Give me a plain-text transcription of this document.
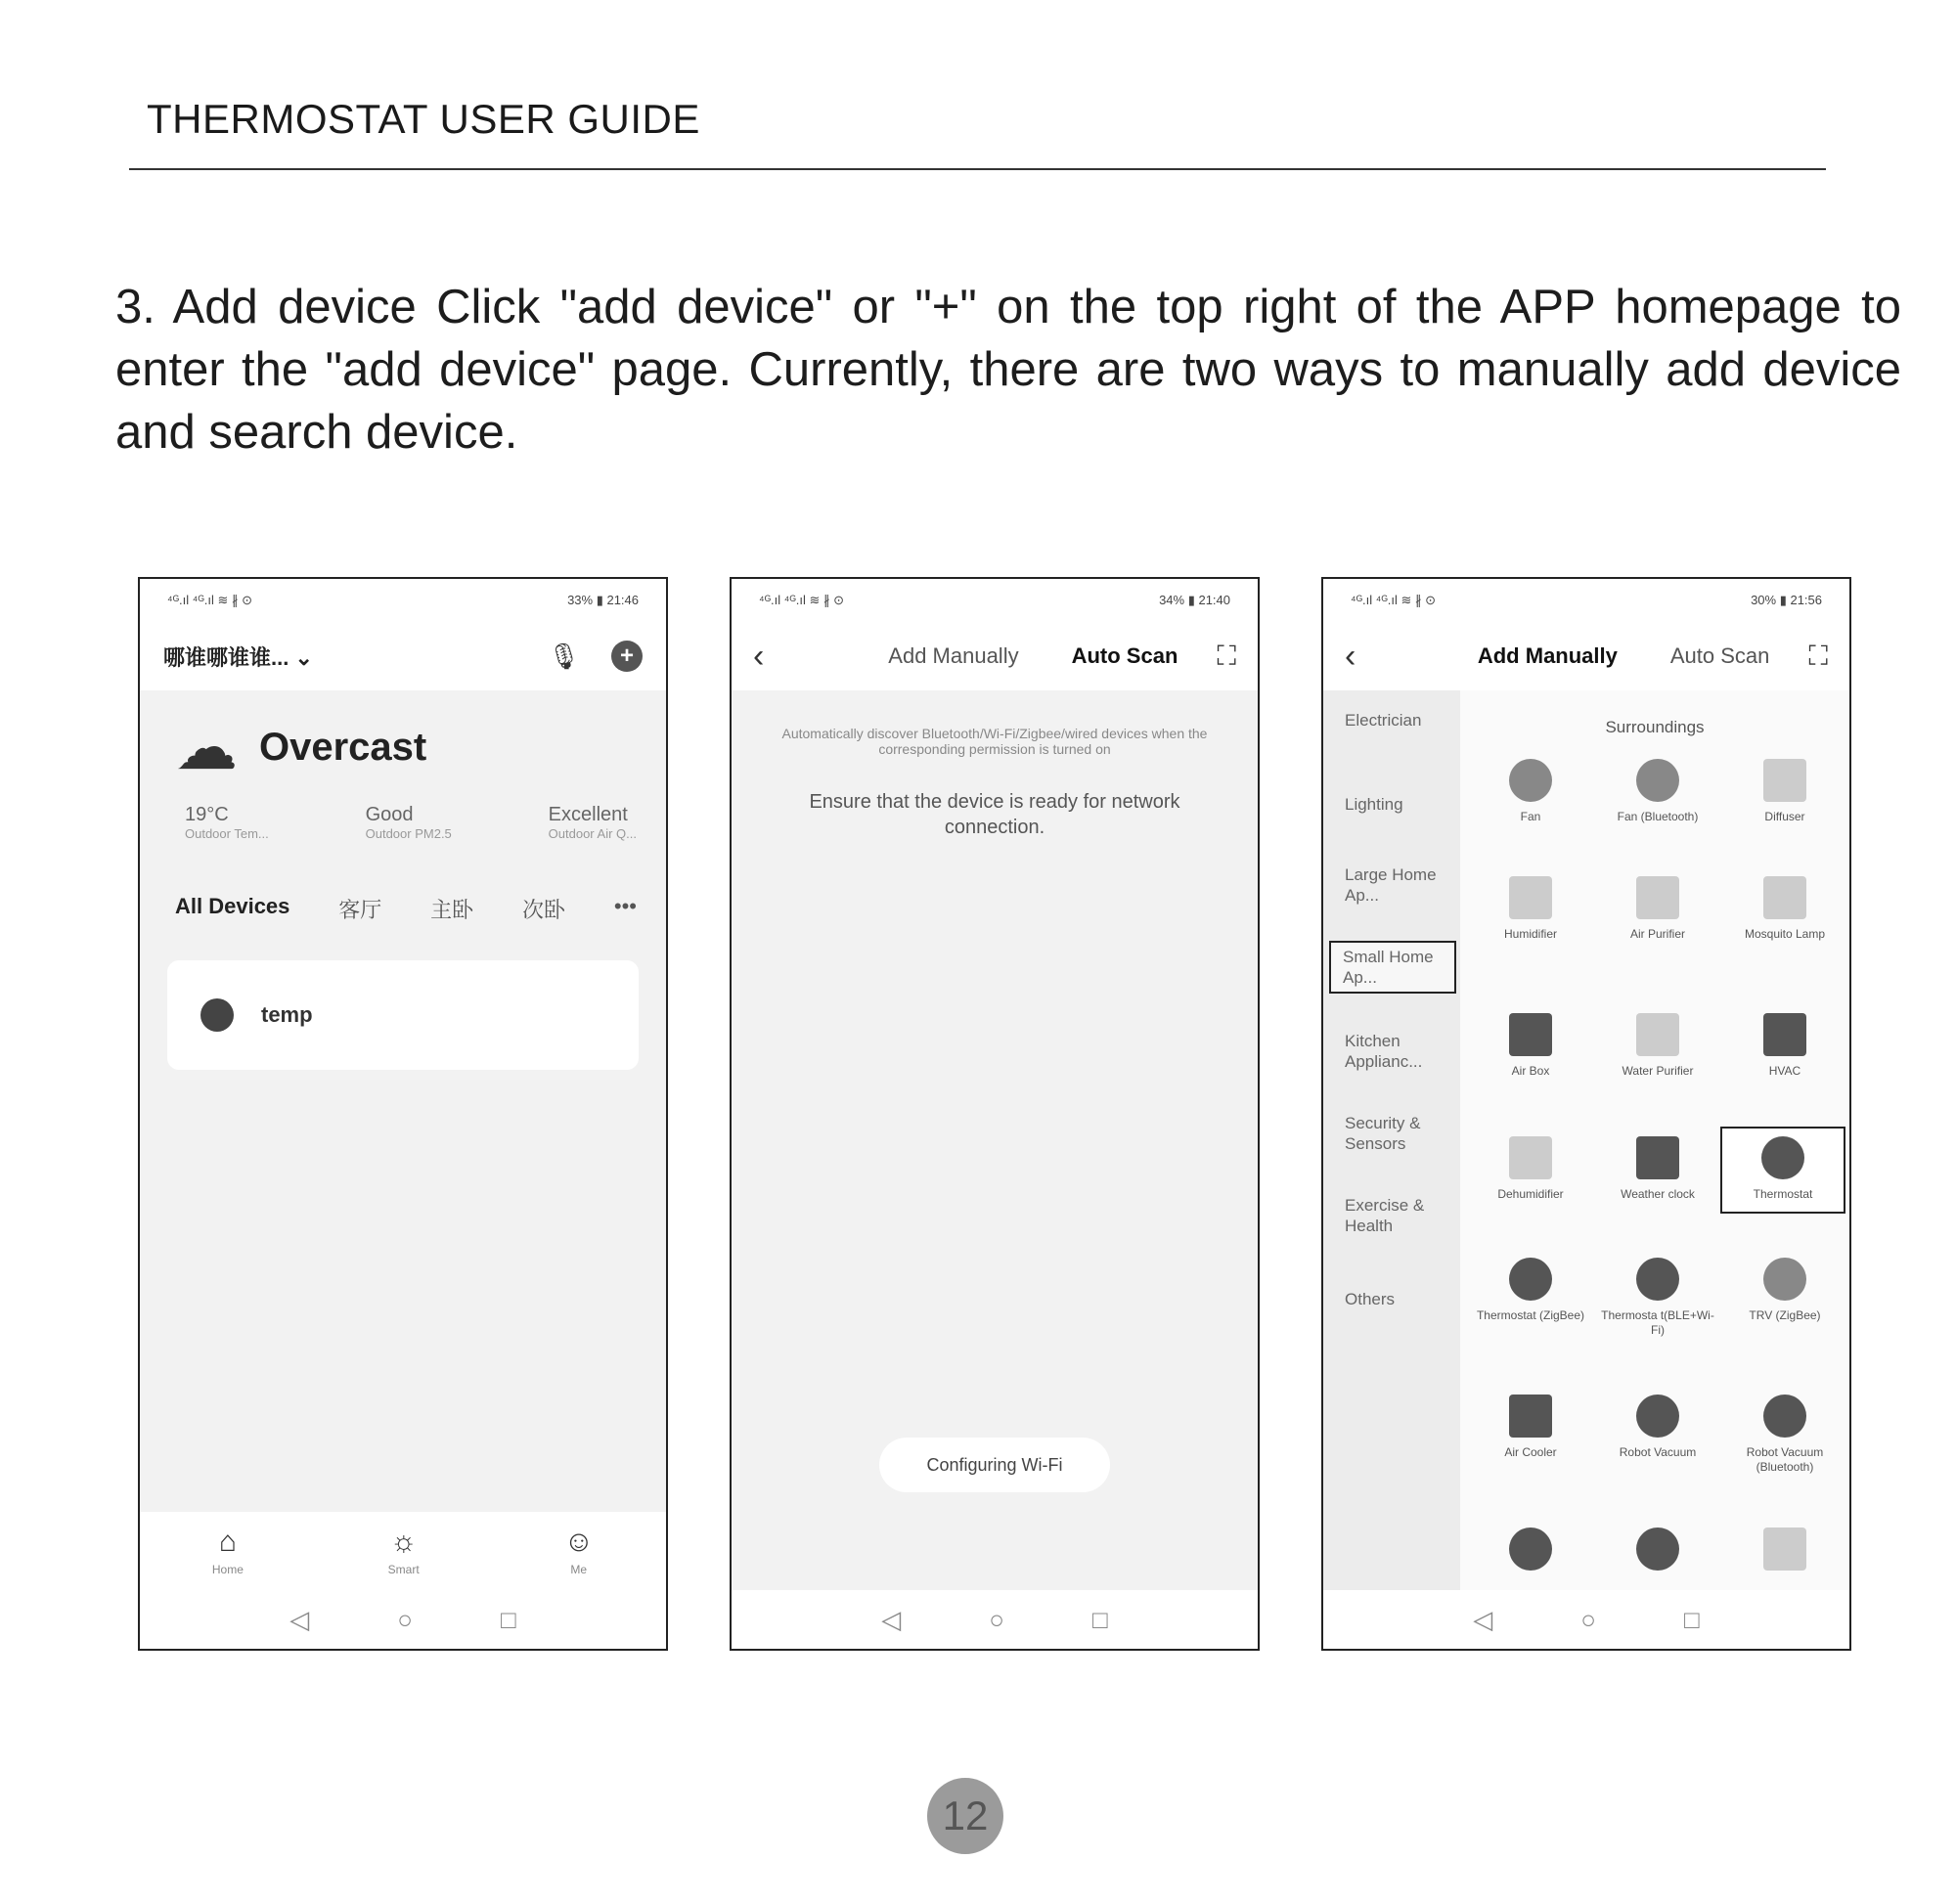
THERMOSTAT USER GUIDE

3. Add device Click "add device" or "+" on the top right of the APP homepage to enter the "add device" page. Currently, there are two ways to manually add device and search device.

⁴ᴳ.ıl ⁴ᴳ.ıl ≋ ∦ ⊙	33% ▮ 21:46
哪谁哪谁谁... ⌄	🎙	+
☁ Overcast
19°C
Outdoor Tem...
Good
Outdoor PM2.5
Excellent
Outdoor Air Q...
All Devices 客厅 主卧 次卧 •••
temp
⌂
Home
☼
Smart
☺
Me
◁	○	□
⁴ᴳ.ıl ⁴ᴳ.ıl ≋ ∦ ⊙	34% ▮ 21:40
‹	Add Manually Auto Scan ⛶
Automatically discover Bluetooth/Wi-Fi/Zigbee/wired devices when the corresponding permission is turned on
Ensure that the device is ready for network connection.
Configuring Wi-Fi
◁	○	□
⁴ᴳ.ıl ⁴ᴳ.ıl ≋ ∦ ⊙	30% ▮ 21:56
‹	Add Manually Auto Scan ⛶
Electrician
Lighting
Large Home Ap...
Small Home Ap...
Kitchen Applianc...
Security & Sensors
Exercise & Health
Others
Surroundings
Fan	Fan (Bluetooth)	Diffuser
Humidifier	Air Purifier	Mosquito Lamp
Air Box	Water Purifier	HVAC
Dehumidifier	Weather clock	Thermostat
Thermostat (ZigBee)	Thermosta t(BLE+Wi-Fi)
TRV (ZigBee)
Air Cooler	Robot Vacuum	Robot Vacuum (Bluetooth)
◁	○	□
12
